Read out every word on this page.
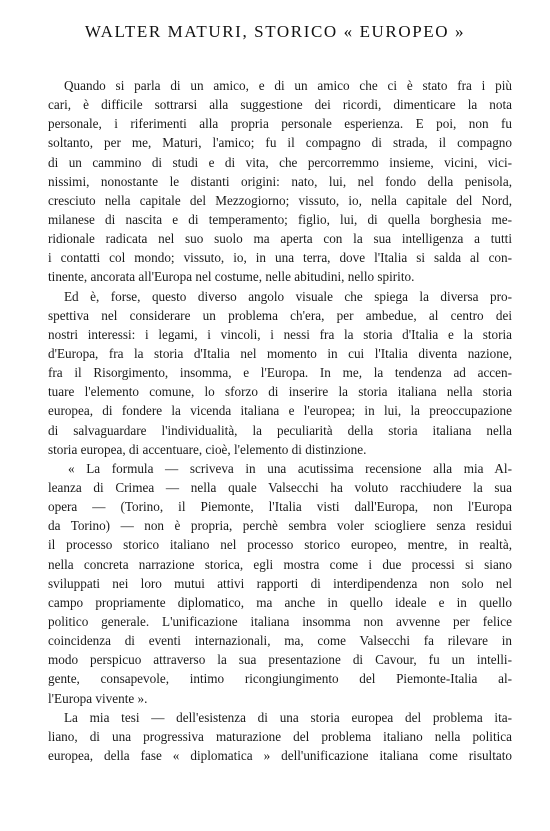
WALTER MATURI, STORICO « EUROPEO »
Quando si parla di un amico, e di un amico che ci è stato fra i più
cari, è difficile sottrarsi alla suggestione dei ricordi, dimenticare la nota
personale, i riferimenti alla propria personale esperienza. E poi, non fu
soltanto, per me, Maturi, l'amico; fu il compagno di strada, il compagno
di un cammino di studi e di vita, che percorremmo insieme, vicini, vici-
nissimi, nonostante le distanti origini: nato, lui, nel fondo della penisola,
cresciuto nella capitale del Mezzogiorno; vissuto, io, nella capitale del Nord,
milanese di nascita e di temperamento; figlio, lui, di quella borghesia me-
ridionale radicata nel suo suolo ma aperta con la sua intelligenza a tutti
i contatti col mondo; vissuto, io, in una terra, dove l'Italia si salda al con-
tinente, ancorata all'Europa nel costume, nelle abitudini, nello spirito.
Ed è, forse, questo diverso angolo visuale che spiega la diversa pro-
spettiva nel considerare un problema ch'era, per ambedue, al centro dei
nostri interessi: i legami, i vincoli, i nessi fra la storia d'Italia e la storia
d'Europa, fra la storia d'Italia nel momento in cui l'Italia diventa nazione,
fra il Risorgimento, insomma, e l'Europa. In me, la tendenza ad accen-
tuare l'elemento comune, lo sforzo di inserire la storia italiana nella storia
europea, di fondere la vicenda italiana e l'europea; in lui, la preoccupazione
di salvaguardare l'individualità, la peculiarità della storia italiana nella
storia europea, di accentuare, cioè, l'elemento di distinzione.
« La formula — scriveva in una acutissima recensione alla mia Al-
leanza di Crimea — nella quale Valsecchi ha voluto racchiudere la sua
opera — (Torino, il Piemonte, l'Italia visti dall'Europa, non l'Europa
da Torino) — non è propria, perchè sembra voler sciogliere senza residui
il processo storico italiano nel processo storico europeo, mentre, in realtà,
nella concreta narrazione storica, egli mostra come i due processi si siano
sviluppati nei loro mutui attivi rapporti di interdipendenza non solo nel
campo propriamente diplomatico, ma anche in quello ideale e in quello
politico generale. L'unificazione italiana insomma non avvenne per felice
coincidenza di eventi internazionali, ma, come Valsecchi fa rilevare in
modo perspicuo attraverso la sua presentazione di Cavour, fu un intelli-
gente, consapevole, intimo ricongiungimento del Piemonte-Italia al-
l'Europa vivente ».
La mia tesi — dell'esistenza di una storia europea del problema ita-
liano, di una progressiva maturazione del problema italiano nella politica
europea, della fase « diplomatica » dell'unificazione italiana come risultato
